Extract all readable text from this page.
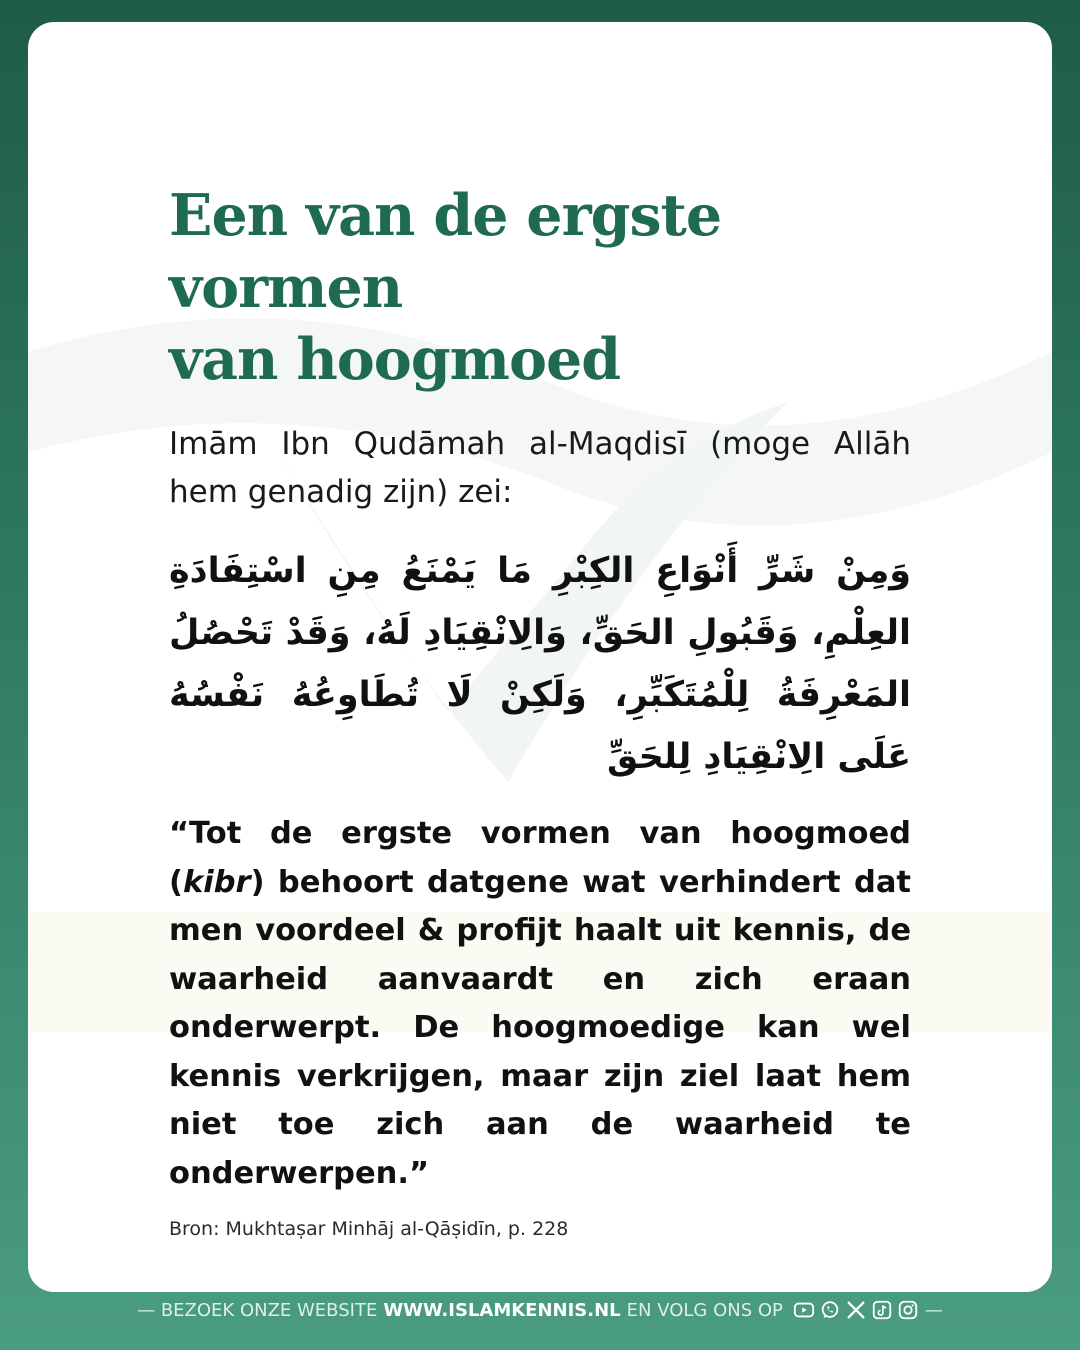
Een van de ergste vormen
van hoogmoed

Imām Ibn Qudāmah al-Maqdisī (moge Allāh hem genadig zijn) zei:

وَمِنْ شَرِّ أَنْوَاعِ الكِبْرِ مَا يَمْنَعُ مِنِ اسْتِفَادَةِ العِلْمِ، وَقَبُولِ الحَقِّ، وَالِانْقِيَادِ لَهُ، وَقَدْ تَحْصُلُ المَعْرِفَةُ لِلْمُتَكَبِّرِ، وَلَكِنْ لَا تُطَاوِعُهُ نَفْسُهُ عَلَى الِانْقِيَادِ لِلحَقِّ

“Tot de ergste vormen van hoogmoed (kibr) behoort datgene wat verhindert dat men voordeel & profijt haalt uit kennis, de waarheid aanvaardt en zich eraan onderwerpt. De hoogmoedige kan wel kennis verkrijgen, maar zijn ziel laat hem niet toe zich aan de waarheid te onderwerpen.”

Bron: Mukhtaṣar Minhāj al-Qāṣidīn, p. 228

— BEZOEK ONZE WEBSITE WWW.ISLAMKENNIS.NL EN VOLG ONS OP	—
